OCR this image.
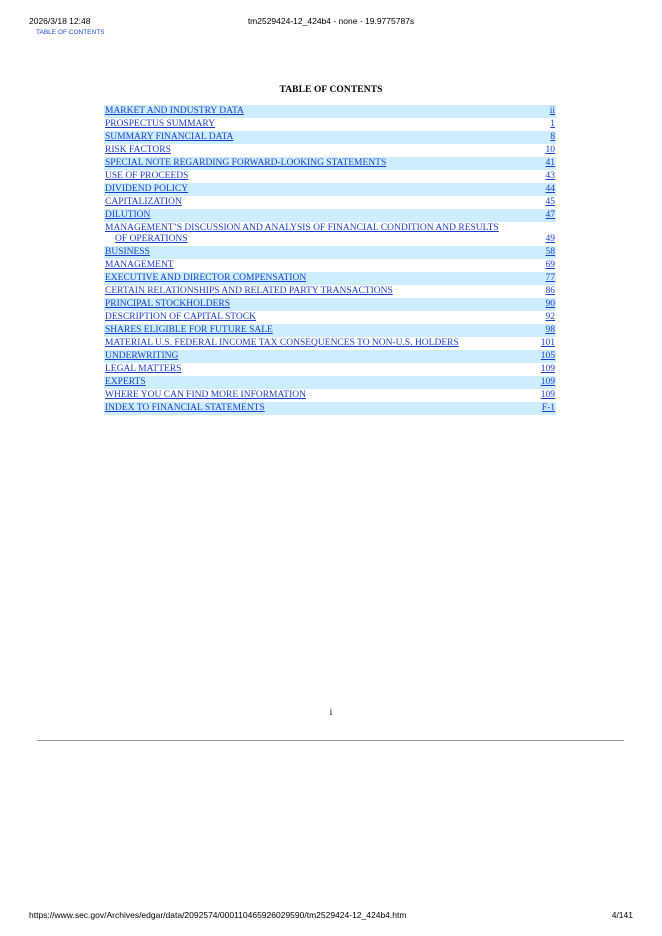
2026/3/18 12:48	tm2529424-12_424b4 - none - 19.9775787s
TABLE OF CONTENTS
TABLE OF CONTENTS
MARKET AND INDUSTRY DATA	ii
PROSPECTUS SUMMARY	1
SUMMARY FINANCIAL DATA	8
RISK FACTORS	10
SPECIAL NOTE REGARDING FORWARD-LOOKING STATEMENTS	41
USE OF PROCEEDS	43
DIVIDEND POLICY	44
CAPITALIZATION	45
DILUTION	47

MANAGEMENT’S DISCUSSION AND ANALYSIS OF FINANCIAL CONDITION AND RESULTS
OF OPERATIONS	49
BUSINESS	58
MANAGEMENT	69
EXECUTIVE AND DIRECTOR COMPENSATION	77
CERTAIN RELATIONSHIPS AND RELATED PARTY TRANSACTIONS	86
PRINCIPAL STOCKHOLDERS	90
DESCRIPTION OF CAPITAL STOCK	92
SHARES ELIGIBLE FOR FUTURE SALE	98
MATERIAL U.S. FEDERAL INCOME TAX CONSEQUENCES TO NON-U.S. HOLDERS	101
UNDERWRITING	105
LEGAL MATTERS	109
EXPERTS	109
WHERE YOU CAN FIND MORE INFORMATION	109
INDEX TO FINANCIAL STATEMENTS	F-1
i
https://www.sec.gov/Archives/edgar/data/2092574/000110465926029590/tm2529424-12_424b4.htm	4/141
